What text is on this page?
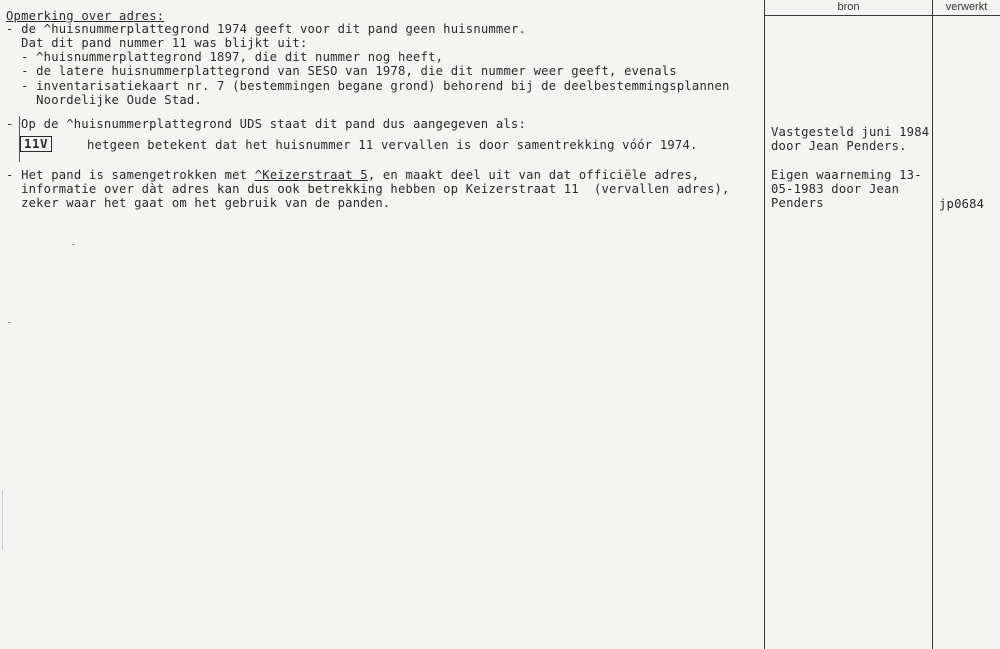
bron	verwerkt
Opmerking over adres:
- de ^huisnummerplattegrond 1974 geeft voor dit pand geen huisnummer.
Dat dit pand nummer 11 was blijkt uit:
- ^huisnummerplattegrond 1897, die dit nummer nog heeft,
- de latere huisnummerplattegrond van SESO van 1978, die dit nummer weer geeft, evenals
- inventarisatiekaart nr. 7 (bestemmingen begane grond) behorend bij de deelbestemmingsplannen
Noordelijke Oude Stad.
- Op de ^huisnummerplattegrond UDS staat dit pand dus aangegeven als:
11V	hetgeen betekent dat het huisnummer 11 vervallen is door samentrekking vóór 1974.
- Het pand is samengetrokken met ^Keizerstraat 5, en maakt deel uit van dat officiële adres,
informatie over dàt adres kan dus ook betrekking hebben op Keizerstraat 11  (vervallen adres),
zeker waar het gaat om het gebruik van de panden.
Vastgesteld juni 1984
door Jean Penders.
Eigen waarneming 13-
05-1983 door Jean
Penders	jp0684
